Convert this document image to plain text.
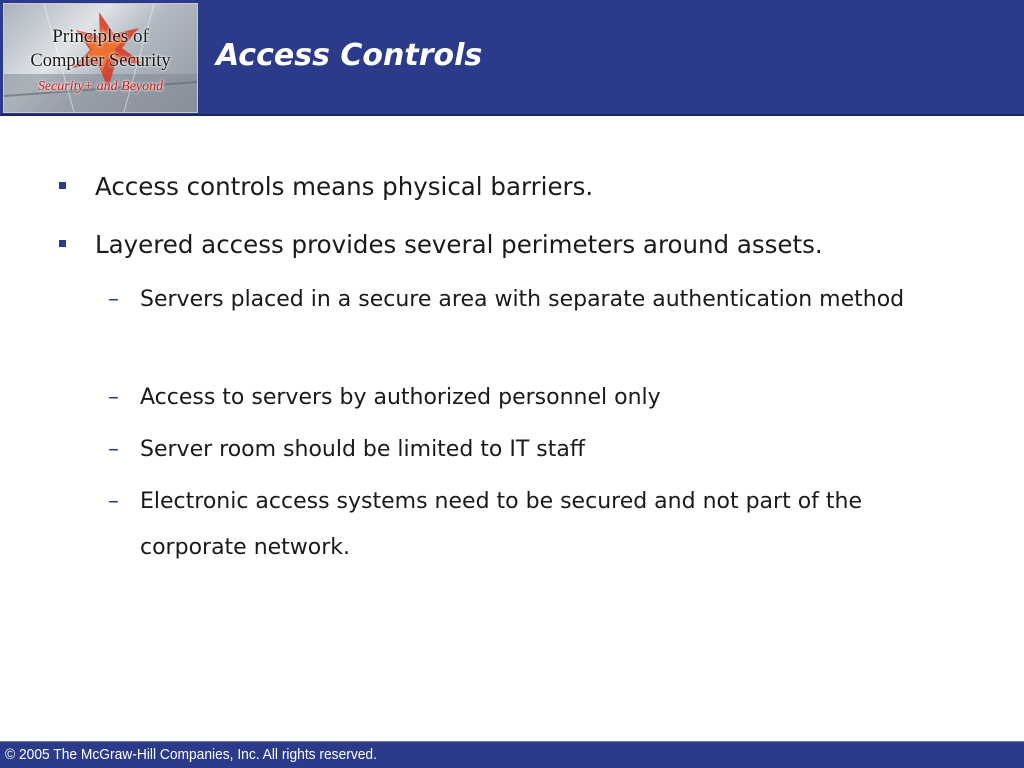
Principles of
Computer Security
Security+ and Beyond
Access Controls
Access controls means physical barriers.
Layered access provides several perimeters around assets.
– Servers placed in a secure area with separate authentication method
– Access to servers by authorized personnel only
– Server room should be limited to IT staff
– Electronic access systems need to be secured and not part of the corporate network.
© 2005 The McGraw-Hill Companies, Inc. All rights reserved.
